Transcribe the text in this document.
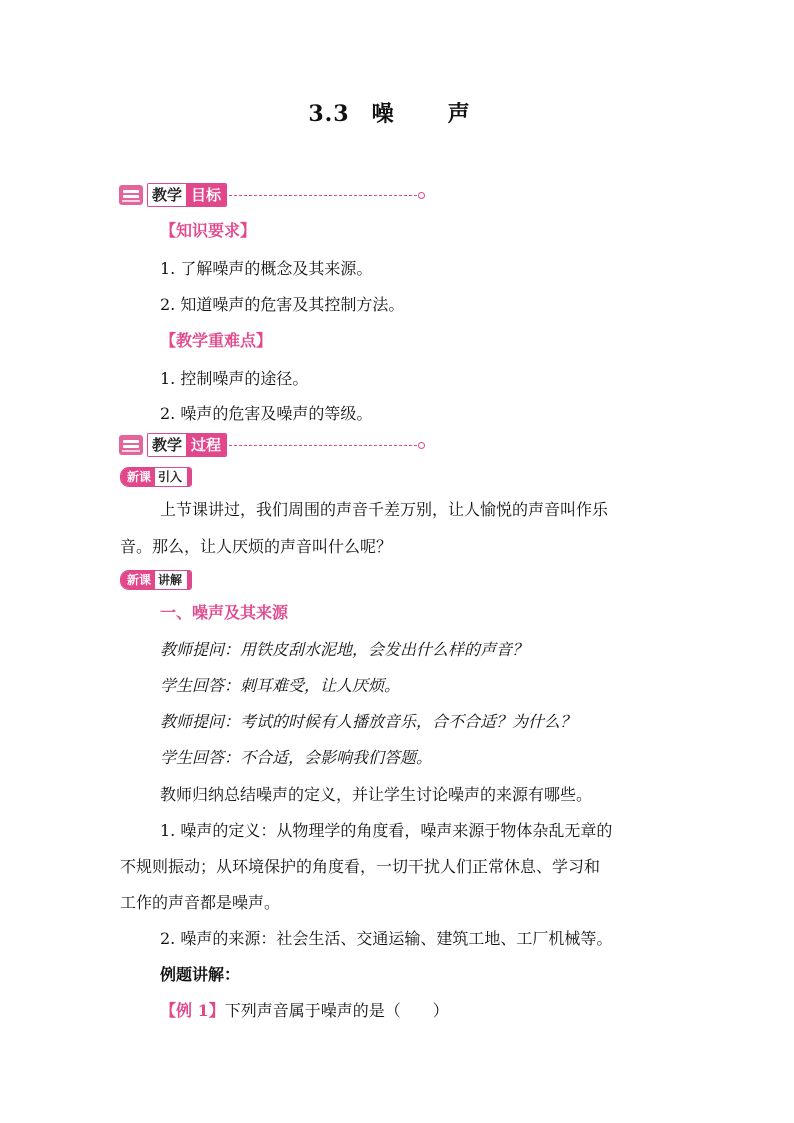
3.3 噪　声
教学 目标
【知识要求】
1. 了解噪声的概念及其来源。
2. 知道噪声的危害及其控制方法。
【教学重难点】
1. 控制噪声的途径。
2. 噪声的危害及噪声的等级。
教学 过程
新课 引入
上节课讲过，我们周围的声音千差万别，让人愉悦的声音叫作乐
音。那么，让人厌烦的声音叫什么呢？
新课 讲解
一、噪声及其来源
教师提问：用铁皮刮水泥地，会发出什么样的声音？
学生回答：刺耳难受，让人厌烦。
教师提问：考试的时候有人播放音乐，合不合适？为什么？
学生回答：不合适，会影响我们答题。
教师归纳总结噪声的定义，并让学生讨论噪声的来源有哪些。
1. 噪声的定义：从物理学的角度看，噪声来源于物体杂乱无章的
不规则振动；从环境保护的角度看，一切干扰人们正常休息、学习和
工作的声音都是噪声。
2. 噪声的来源：社会生活、交通运输、建筑工地、工厂机械等。
例题讲解：
【例 1】下列声音属于噪声的是（　　）
